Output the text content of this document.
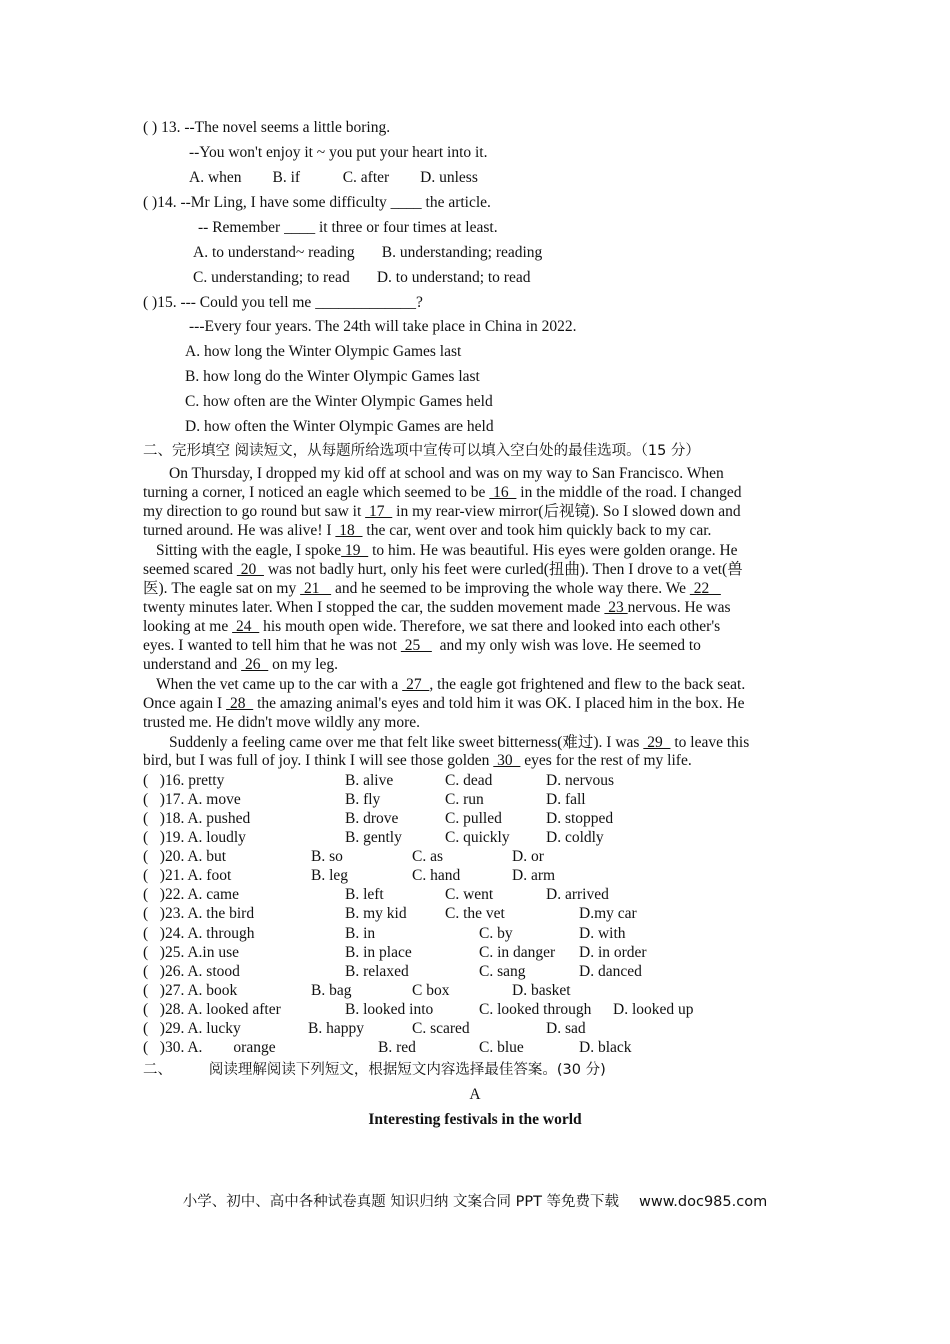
( ) 13. --The novel seems a little boring.
--You won't enjoy it ~ you put your heart into it.
A. when        B. if           C. after        D. unless
( )14. --Mr Ling, I have some difficulty ____ the article.
-- Remember ____ it three or four times at least.
A. to understand~ reading       B. understanding; reading
C. understanding; to read       D. to understand; to read
( )15. --- Could you tell me _____________?
---Every four years. The 24th will take place in China in 2022.
A. how long the Winter Olympic Games last
B. how long do the Winter Olympic Games last
C. how often are the Winter Olympic Games held
D. how often the Winter Olympic Games are held
二、完形填空 阅读短文，从每题所给选项中宣传可以填入空白处的最佳选项。（15 分）
On Thursday, I dropped my kid off at school and was on my way to San Francisco. When
turning a corner, I noticed an eagle which seemed to be  16   in the middle of the road. I changed
my direction to go round but saw it  17   in my rear-view mirror(后视镜). So I slowed down and
turned around. He was alive! I  18   the car, went over and took him quickly back to my car.
Sitting with the eagle, I spoke 19   to him. He was beautiful. His eyes were golden orange. He
seemed scared  20   was not badly hurt, only his feet were curled(扭曲). Then I drove to a vet(兽
医). The eagle sat on my  21    and he seemed to be improving the whole way there. We  22
twenty minutes later. When I stopped the car, the sudden movement made  23 nervous. He was
looking at me  24   his mouth open wide. Therefore, we sat there and looked into each other's
eyes. I wanted to tell him that he was not  25     and my only wish was love. He seemed to
understand and  26   on my leg.
When the vet came up to the car with a  27  , the eagle got frightened and flew to the back seat.
Once again I  28   the amazing animal's eyes and told him it was OK. I placed him in the box. He
trusted me. He didn't move wildly any more.
Suddenly a feeling came over me that felt like sweet bitterness(难过). I was  29   to leave this
bird, but I was full of joy. I think I will see those golden  30   eyes for the rest of my life.
(   )16. pretty	B. alive	C. dead	D. nervous
(   )17. A. move	B. fly	C. run	D. fall
(   )18. A. pushed	B. drove	C. pulled	D. stopped
(   )19. A. loudly	B. gently	C. quickly D. coldly
(   )20. A. but	B. so	C. as	D. or
(   )21. A. foot	B. leg	C. hand	D. arm
(   )22. A. came	B. left	C. went	D. arrived
(   )23. A. the bird	B. my kid C. the vet	D.my car
(   )24. A. through	B. in	C. by	D. with
(   )25. A.in use	B. in place	C. in danger D. in order
(   )26. A. stood	B. relaxed	C. sang	D. danced
(   )27. A. book	B. bag	C box	D. basket
(   )28. A. looked after	B. looked into	C. looked through D. looked up
(   )29. A. lucky	B. happy	C. scared	D. sad
(   )30. A.        orange	B. red	C. blue	D. black
二、        阅读理解阅读下列短文，根据短文内容选择最佳答案。(30 分)
A
Interesting festivals in the world
小学、初中、高中各种试卷真题 知识归纳 文案合同 PPT 等免费下载 www.doc985.com
